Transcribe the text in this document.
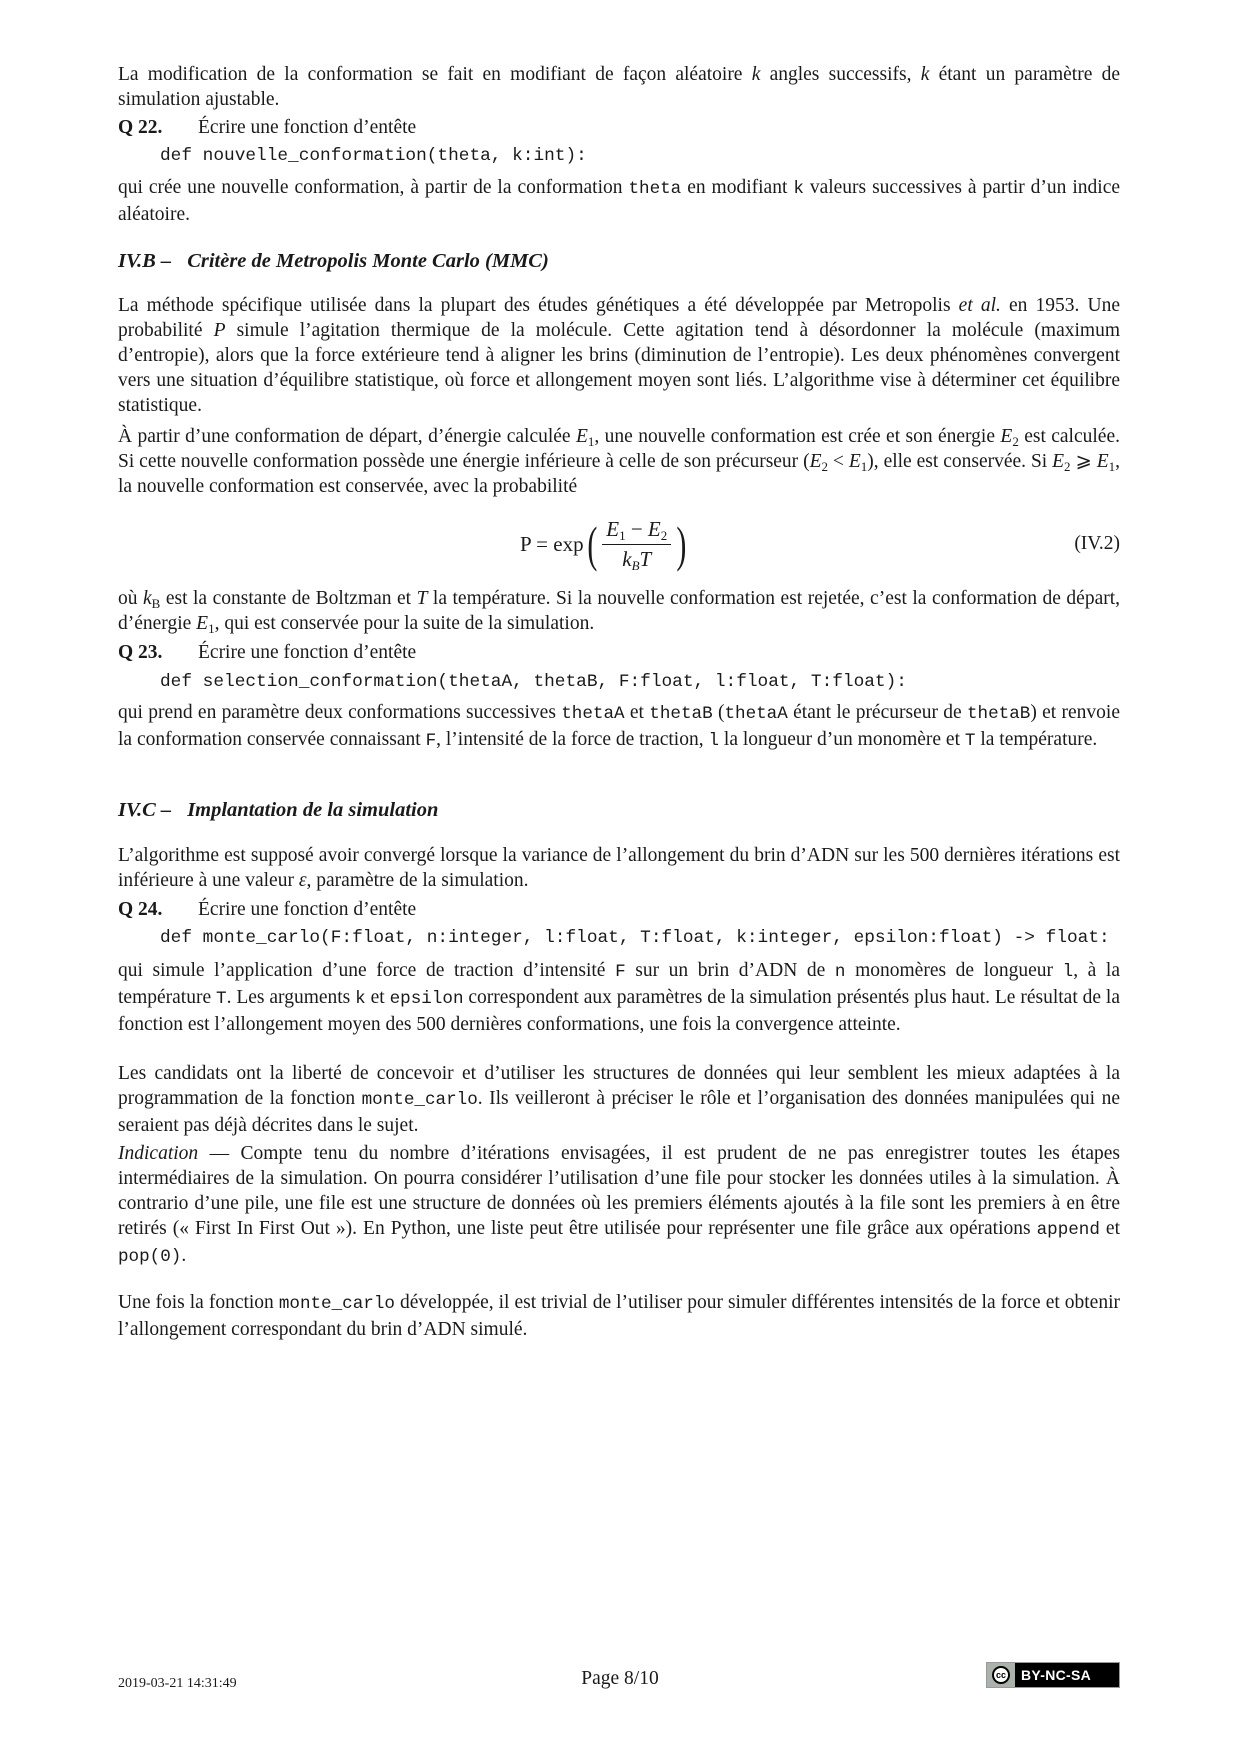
La modification de la conformation se fait en modifiant de façon aléatoire k angles successifs, k étant un paramètre de simulation ajustable.
Q 22. Écrire une fonction d’entête
def nouvelle_conformation(theta, k:int):
qui crée une nouvelle conformation, à partir de la conformation theta en modifiant k valeurs successives à partir d’un indice aléatoire.
IV.B – Critère de Metropolis Monte Carlo (MMC)
La méthode spécifique utilisée dans la plupart des études génétiques a été développée par Metropolis et al. en 1953. Une probabilité P simule l’agitation thermique de la molécule. Cette agitation tend à désordonner la molécule (maximum d’entropie), alors que la force extérieure tend à aligner les brins (diminution de l’entropie). Les deux phénomènes convergent vers une situation d’équilibre statistique, où force et allongement moyen sont liés. L’algorithme vise à déterminer cet équilibre statistique.
À partir d’une conformation de départ, d’énergie calculée $E_1$, une nouvelle conformation est crée et son énergie $E_2$ est calculée. Si cette nouvelle conformation possède une énergie inférieure à celle de son précurseur $(E_2 < E_1)$, elle est conservée. Si $E_2$ ⩾ $E_1$, la nouvelle conformation est conservée, avec la probabilité
P = exp ( $\frac{E_1 - E_2}{k_BT}$ )	(IV.2)
où $k_B$ est la constante de Boltzman et T la température. Si la nouvelle conformation est rejetée, c’est la conformation de départ, d’énergie $E_1$, qui est conservée pour la suite de la simulation.
Q 23. Écrire une fonction d’entête
def selection_conformation(thetaA, thetaB, F:float, l:float, T:float):
qui prend en paramètre deux conformations successives thetaA et thetaB (thetaA étant le précurseur de thetaB) et renvoie la conformation conservée connaissant F, l’intensité de la force de traction, l la longueur d’un monomère et T la température.
IV.C – Implantation de la simulation
L’algorithme est supposé avoir convergé lorsque la variance de l’allongement du brin d’ADN sur les 500 dernières itérations est inférieure à une valeur ε, paramètre de la simulation.
Q 24. Écrire une fonction d’entête
def monte_carlo(F:float, n:integer, l:float, T:float, k:integer, epsilon:float) -> float:
qui simule l’application d’une force de traction d’intensité F sur un brin d’ADN de n monomères de longueur l, à la température T. Les arguments k et epsilon correspondent aux paramètres de la simulation présentés plus haut. Le résultat de la fonction est l’allongement moyen des 500 dernières conformations, une fois la convergence atteinte.
Les candidats ont la liberté de concevoir et d’utiliser les structures de données qui leur semblent les mieux adaptées à la programmation de la fonction monte_carlo. Ils veilleront à préciser le rôle et l’organisation des données manipulées qui ne seraient pas déjà décrites dans le sujet.
Indication — Compte tenu du nombre d’itérations envisagées, il est prudent de ne pas enregistrer toutes les étapes intermédiaires de la simulation. On pourra considérer l’utilisation d’une file pour stocker les données utiles à la simulation. À contrario d’une pile, une file est une structure de données où les premiers éléments ajoutés à la file sont les premiers à en être retirés (« First In First Out »). En Python, une liste peut être utilisée pour représenter une file grâce aux opérations append et pop(0).
Une fois la fonction monte_carlo développée, il est trivial de l’utiliser pour simuler différentes intensités de la force et obtenir l’allongement correspondant du brin d’ADN simulé.
2019-03-21 14:31:49	Page 8/10	cc	BY-NC-SA
